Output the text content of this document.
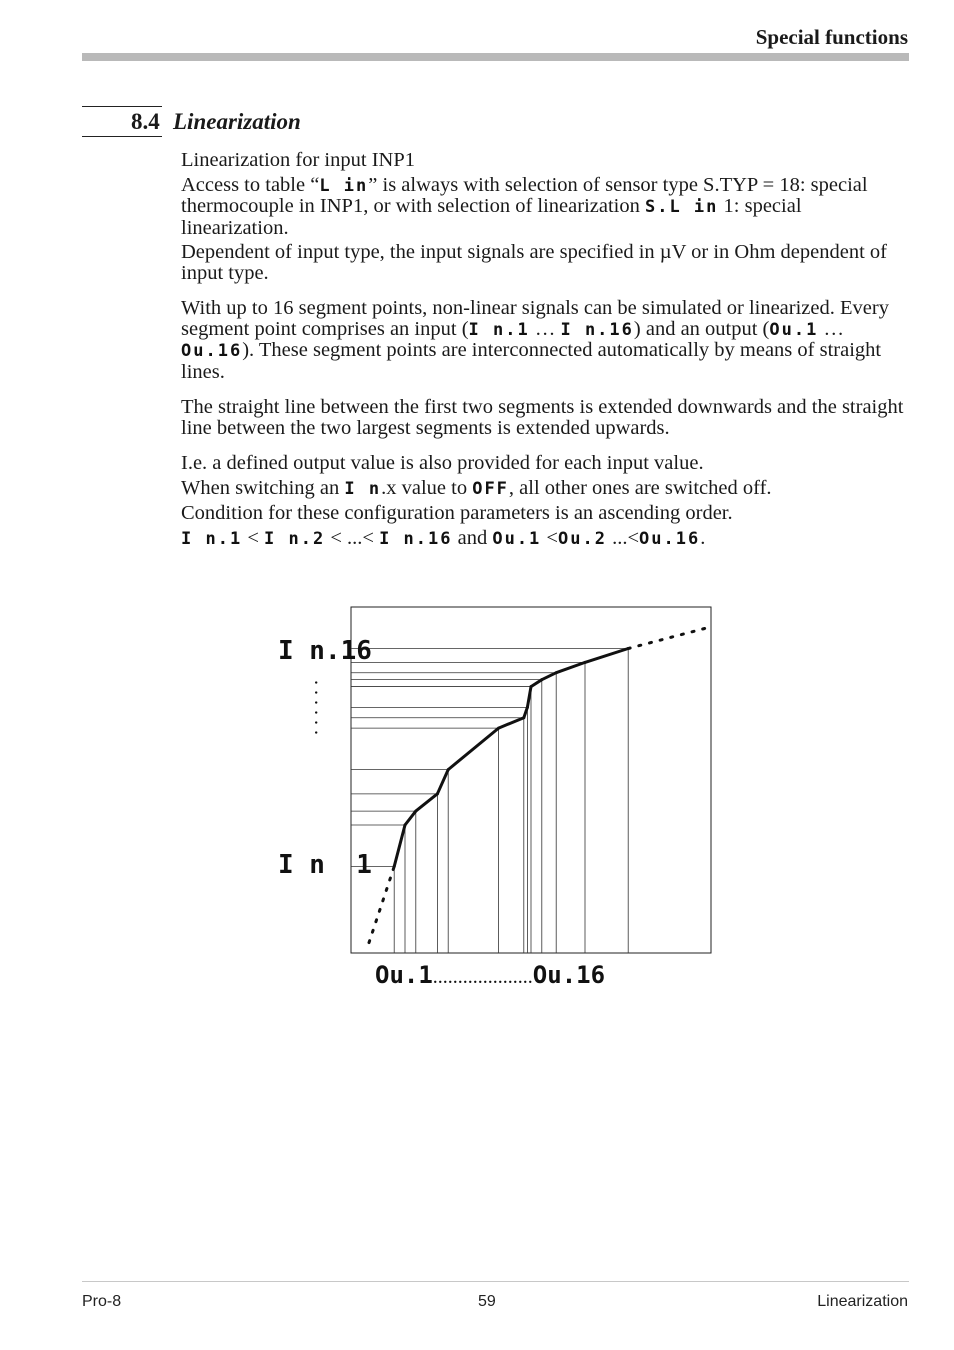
Special functions
8.4 Linearization

Linearization for input INP1

Access to table “L in” is always with selection of sensor type S.TYP = 18: special thermocouple in INP1, or with selection of linearization S.L in 1: special linearization.

Dependent of input type, the input signals are specified in µV or in Ohm dependent of input type.

With up to 16 segment points, non-linear signals can be simulated or linearized. Every segment point comprises an input (I n.1 … I n.16) and an output (Ou.1 … Ou.16). These segment points are interconnected automatically by means of straight lines.

The straight line between the first two segments is extended downwards and the straight line between the two largest segments is extended upwards.

I.e. a defined output value is also provided for each input value.

When switching an I n.x value to OFF, all other ones are switched off.

Condition for these configuration parameters is an ascending order.

I n.1 < I n.2 < ...< I n.16 and Ou.1 <Ou.2 ...<Ou.16.

I n.16
I n  1
. . . . . .
Ou.1....................Ou.16
Pro-8	59	Linearization
